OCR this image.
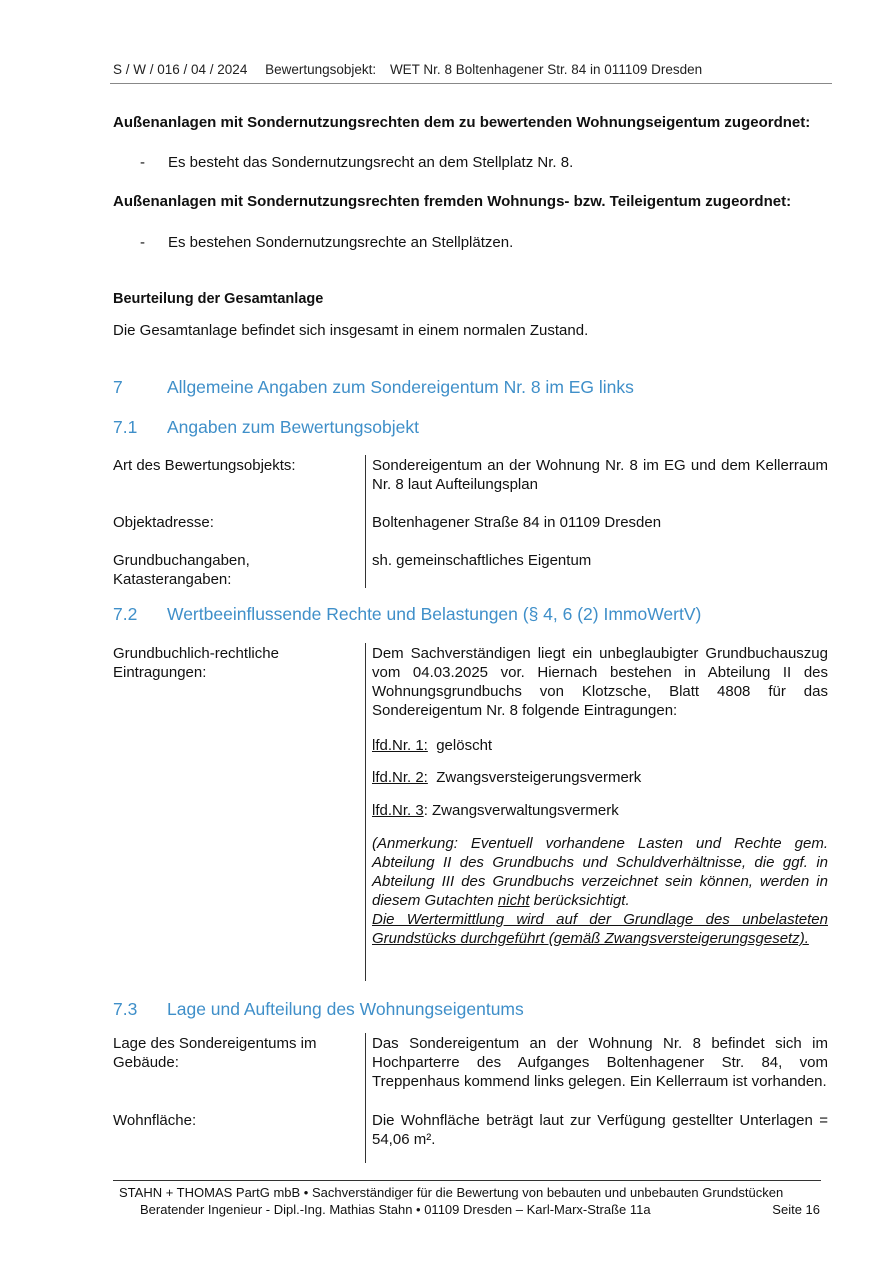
S / W / 016 / 04 / 2024 Bewertungsobjekt: WET Nr. 8 Boltenhagener Str. 84 in 011109 Dresden
Außenanlagen mit Sondernutzungsrechten dem zu bewertenden Wohnungseigentum zugeordnet:
- Es besteht das Sondernutzungsrecht an dem Stellplatz Nr. 8.
Außenanlagen mit Sondernutzungsrechten fremden Wohnungs- bzw. Teileigentum zugeordnet:
- Es bestehen Sondernutzungsrechte an Stellplätzen.
Beurteilung der Gesamtanlage
Die Gesamtanlage befindet sich insgesamt in einem normalen Zustand.
7	Allgemeine Angaben zum Sondereigentum Nr. 8 im EG links
7.1 Angaben zum Bewertungsobjekt
Art des Bewertungsobjekts:	Sondereigentum an der Wohnung Nr. 8 im EG und dem Kellerraum Nr. 8 laut Aufteilungsplan
Objektadresse:	Boltenhagener Straße 84 in 01109 Dresden
Grundbuchangaben, Katasterangaben:
sh. gemeinschaftliches Eigentum
7.2 Wertbeeinflussende Rechte und Belastungen (§ 4, 6 (2) ImmoWertV)
Grundbuchlich-rechtliche Eintragungen:
Dem Sachverständigen liegt ein unbeglaubigter Grundbuchauszug vom 04.03.2025 vor. Hiernach bestehen in Abteilung II des Wohnungsgrundbuchs von Klotzsche, Blatt 4808 für das Sondereigentum Nr. 8 folgende Eintragungen:
lfd.Nr. 1: gelöscht
lfd.Nr. 2: Zwangsversteigerungsvermerk
lfd.Nr. 3: Zwangsverwaltungsvermerk
(Anmerkung: Eventuell vorhandene Lasten und Rechte gem. Abteilung II des Grundbuchs und Schuldverhältnisse, die ggf. in Abteilung III des Grundbuchs verzeichnet sein können, werden in diesem Gutachten nicht berücksichtigt.
Die Wertermittlung wird auf der Grundlage des unbelasteten Grundstücks durchgeführt (gemäß Zwangsversteigerungsgesetz).
7.3 Lage und Aufteilung des Wohnungseigentums
Lage des Sondereigentums im Gebäude:
Das Sondereigentum an der Wohnung Nr. 8 befindet sich im Hochparterre des Aufganges Boltenhagener Str. 84, vom Treppenhaus kommend links gelegen. Ein Kellerraum ist vorhanden.
Wohnfläche:	Die Wohnfläche beträgt laut zur Verfügung gestellter Unterlagen = 54,06 m².
STAHN + THOMAS PartG mbB • Sachverständiger für die Bewertung von bebauten und unbebauten Grundstücken
Beratender Ingenieur - Dipl.-Ing. Mathias Stahn • 01109 Dresden – Karl-Marx-Straße 11a	Seite 16
